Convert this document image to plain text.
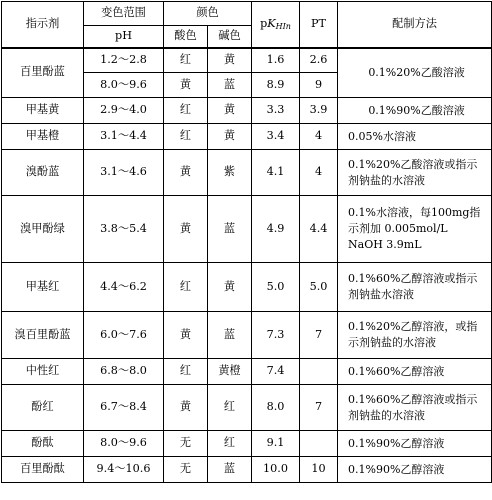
指示剂	变色范围	颜色		$pK_{HIn}$	PT	配制方法
	pH	酸色	碱色			
百里酚蓝	1.2～2.8	红	黄	1.6	2.6	0.1%20%乙酸溶液
	8.0～9.6	黄	蓝	8.9	9	
甲基黄	2.9～4.0	红	黄	3.3	3.9	0.1%90%乙酸溶液
甲基橙	3.1～4.4	红	黄	3.4	4	0.05%水溶液
溴酚蓝	3.1～4.6	黄	紫	4.1	4	0.1%20%乙酸溶液或指示剂钠盐的水溶液
溴甲酚绿	3.8～5.4	黄	蓝	4.9	4.4	0.1%水溶液，每100mg指示剂加 0.005mol/L NaOH 3.9mL
甲基红	4.4～6.2	红	黄	5.0	5.0	0.1%60%乙醇溶液或指示剂钠盐水溶液
溴百里酚蓝	6.0～7.6	黄	蓝	7.3	7	0.1%20%乙醇溶液，或指示剂钠盐的水溶液
中性红	6.8～8.0	红	黄橙	7.4		0.1%60%乙醇溶液
酚红	6.7～8.4	黄	红	8.0	7	0.1%60%乙醇溶液或指示剂钠盐的水溶液
酚酞	8.0～9.6	无	红	9.1		0.1%90%乙醇溶液
百里酚酞	9.4～10.6	无	蓝	10.0	10	0.1%90%乙醇溶液
